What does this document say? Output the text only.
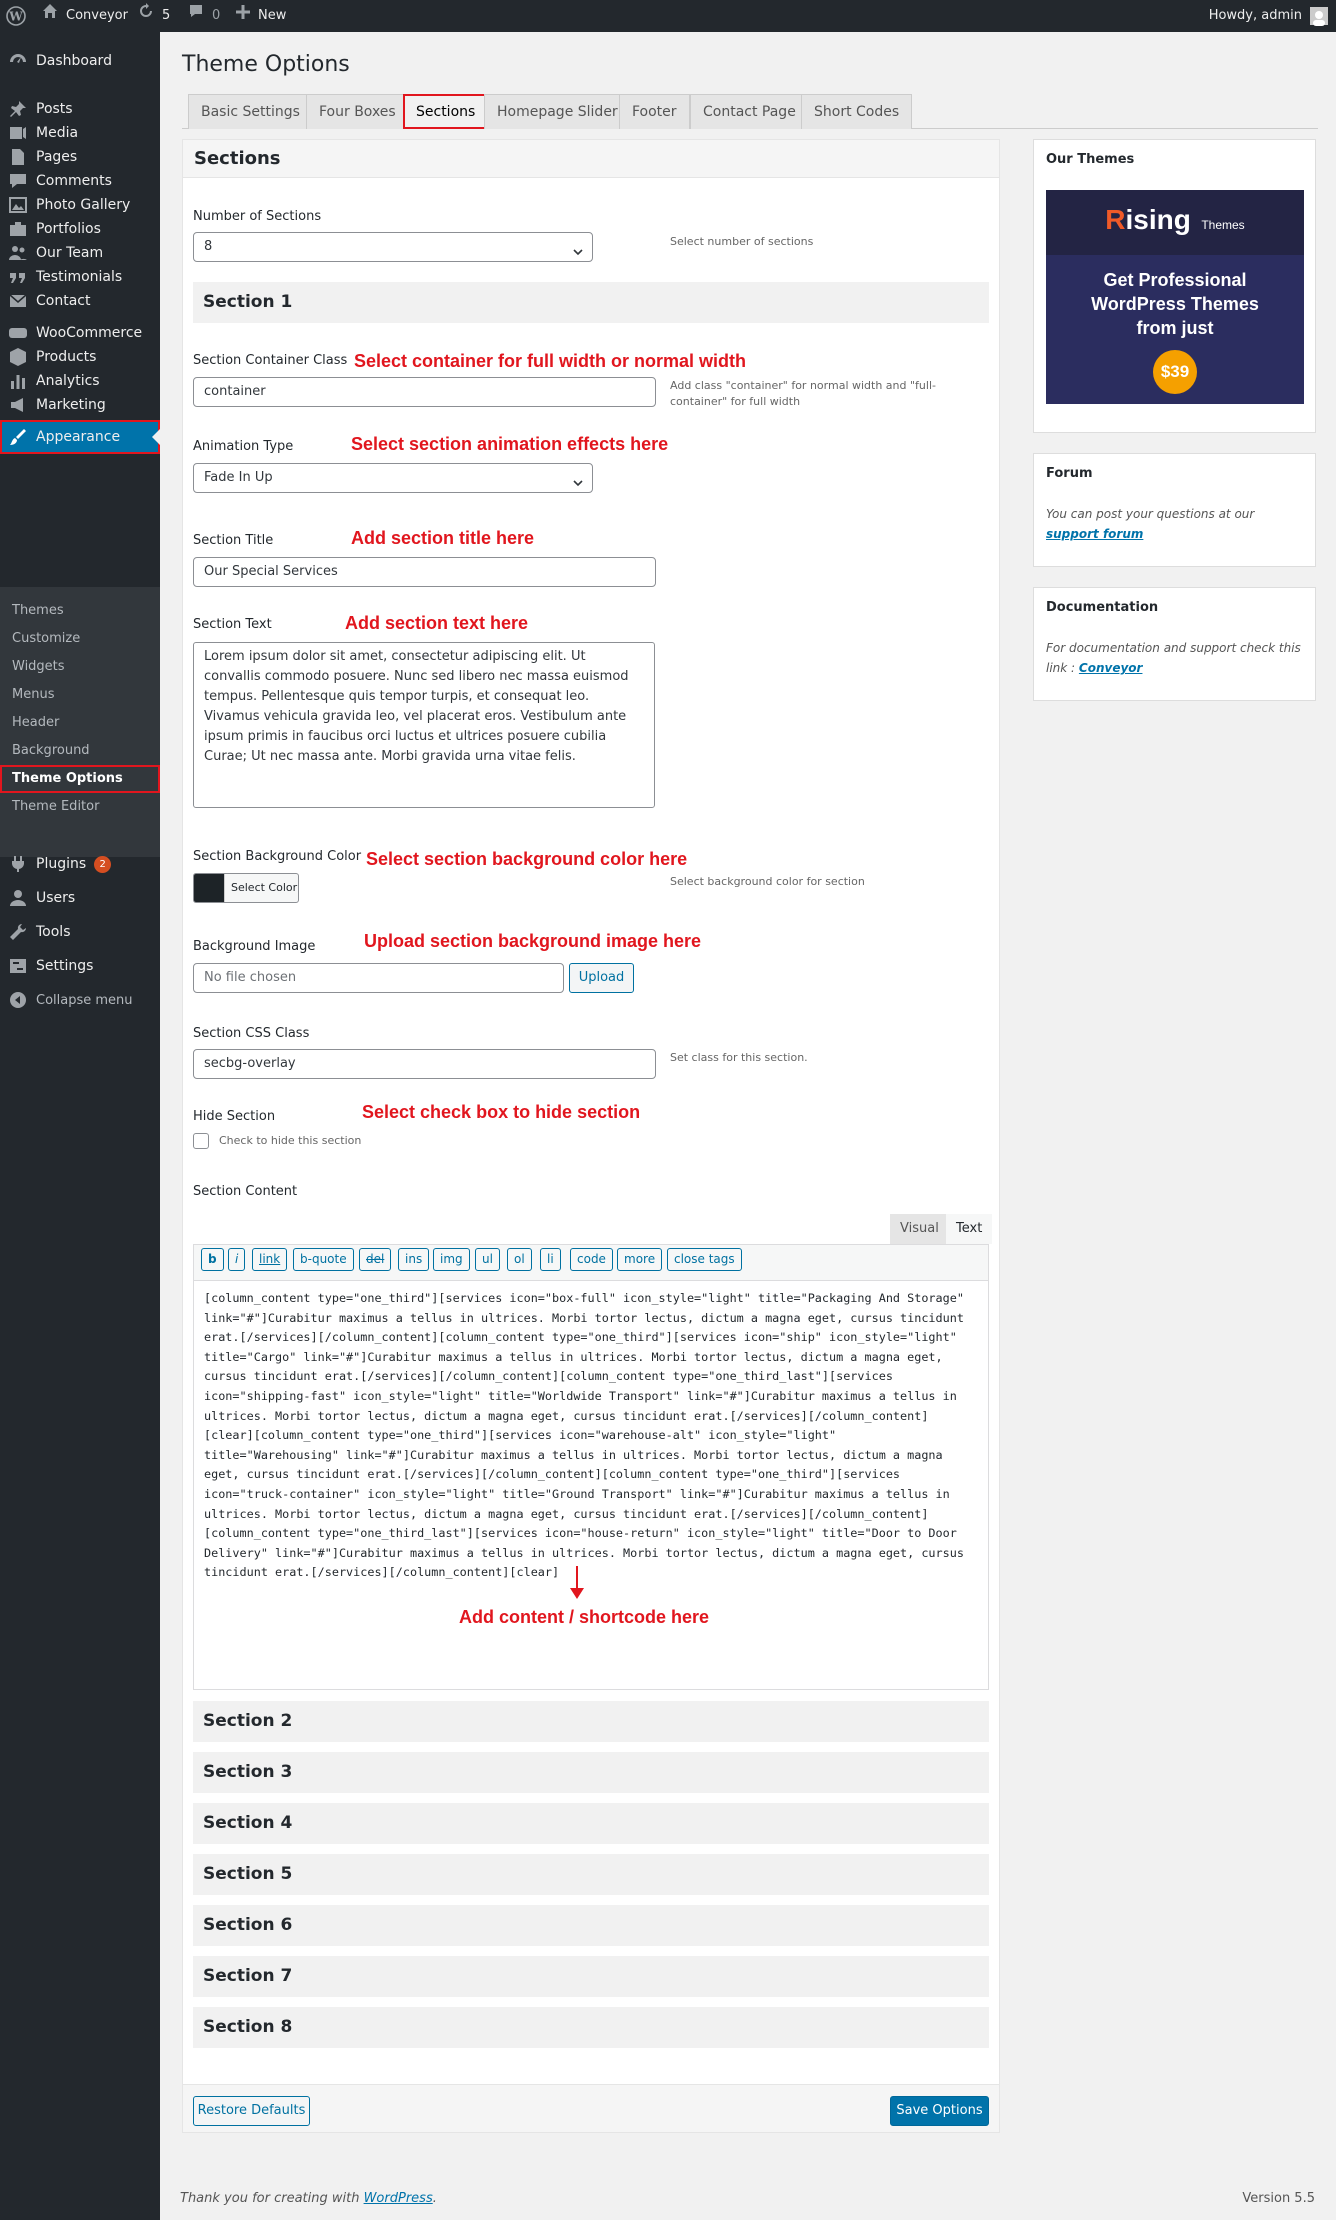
W	Conveyor	5	0	New	Howdy, admin
Themes
Customize
Widgets
Menus
Header
Background
Theme Options
Theme Editor
Dashboard
Posts
Media
Pages
Comments
Photo Gallery
Portfolios
Our Team
Testimonials
Contact
WooCommerce
Products
Analytics
Marketing
Appearance
Plugins	2
Users
Tools
Settings
Collapse menu
Theme Options
Basic Settings	Four Boxes	Sections	Homepage Slider	Footer	Contact Page	Short Codes
Sections
Number of Sections
8	Select number of sections
Section 1
Section Container Class Select container for full width or normal width
container	Add class "container" for normal width and "full-container" for full width
Animation Type	Select section animation effects here
Fade In Up
Section Title	Add section title here
Our Special Services
Section Text	Add section text here
Lorem ipsum dolor sit amet, consectetur adipiscing elit. Ut convallis commodo posuere. Nunc sed libero nec massa euismod tempus. Pellentesque quis tempor turpis, et consequat leo. Vivamus vehicula gravida leo, vel placerat eros. Vestibulum ante ipsum primis in faucibus orci luctus et ultrices posuere cubilia Curae; Ut nec massa ante. Morbi gravida urna vitae felis.
Section Background Color Select section background color here
Select Color	Select background color for section
Background Image	Upload section background image here
No file chosen	Upload
Section CSS Class
secbg-overlay	Set class for this section.
Hide Section	Select check box to hide section
Check to hide this section
Section Content
Visual	Text
b	i	link	b-quote	del	ins	img	ul	ol	li	code	more	close tags
[column_content type="one_third"][services icon="box-full" icon_style="light" title="Packaging And Storage" link="#"]Curabitur maximus a tellus in ultrices. Morbi tortor lectus, dictum a magna eget, cursus tincidunt erat.[/services][/column_content][column_content type="one_third"][services icon="ship" icon_style="light" title="Cargo" link="#"]Curabitur maximus a tellus in ultrices. Morbi tortor lectus, dictum a magna eget, cursus tincidunt erat.[/services][/column_content][column_content type="one_third_last"][services icon="shipping-fast" icon_style="light" title="Worldwide Transport" link="#"]Curabitur maximus a tellus in ultrices. Morbi tortor lectus, dictum a magna eget, cursus tincidunt erat.[/services][/column_content][clear][column_content type="one_third"][services icon="warehouse-alt" icon_style="light" title="Warehousing" link="#"]Curabitur maximus a tellus in ultrices. Morbi tortor lectus, dictum a magna eget, cursus tincidunt erat.[/services][/column_content][column_content type="one_third"][services icon="truck-container" icon_style="light" title="Ground Transport" link="#"]Curabitur maximus a tellus in ultrices. Morbi tortor lectus, dictum a magna eget, cursus tincidunt erat.[/services][/column_content][column_content type="one_third_last"][services icon="house-return" icon_style="light" title="Door to Door Delivery" link="#"]Curabitur maximus a tellus in ultrices. Morbi tortor lectus, dictum a magna eget, cursus tincidunt erat.[/services][/column_content][clear]
Add content / shortcode here
Section 2
Section 3
Section 4
Section 5
Section 6
Section 7
Section 8
Restore Defaults	Save Options
Our Themes
Rising Themes
Get Professional WordPress Themes from just
$39
Forum
You can post your questions at our support forum
Documentation
For documentation and support check this link : Conveyor
Thank you for creating with WordPress.	Version 5.5
